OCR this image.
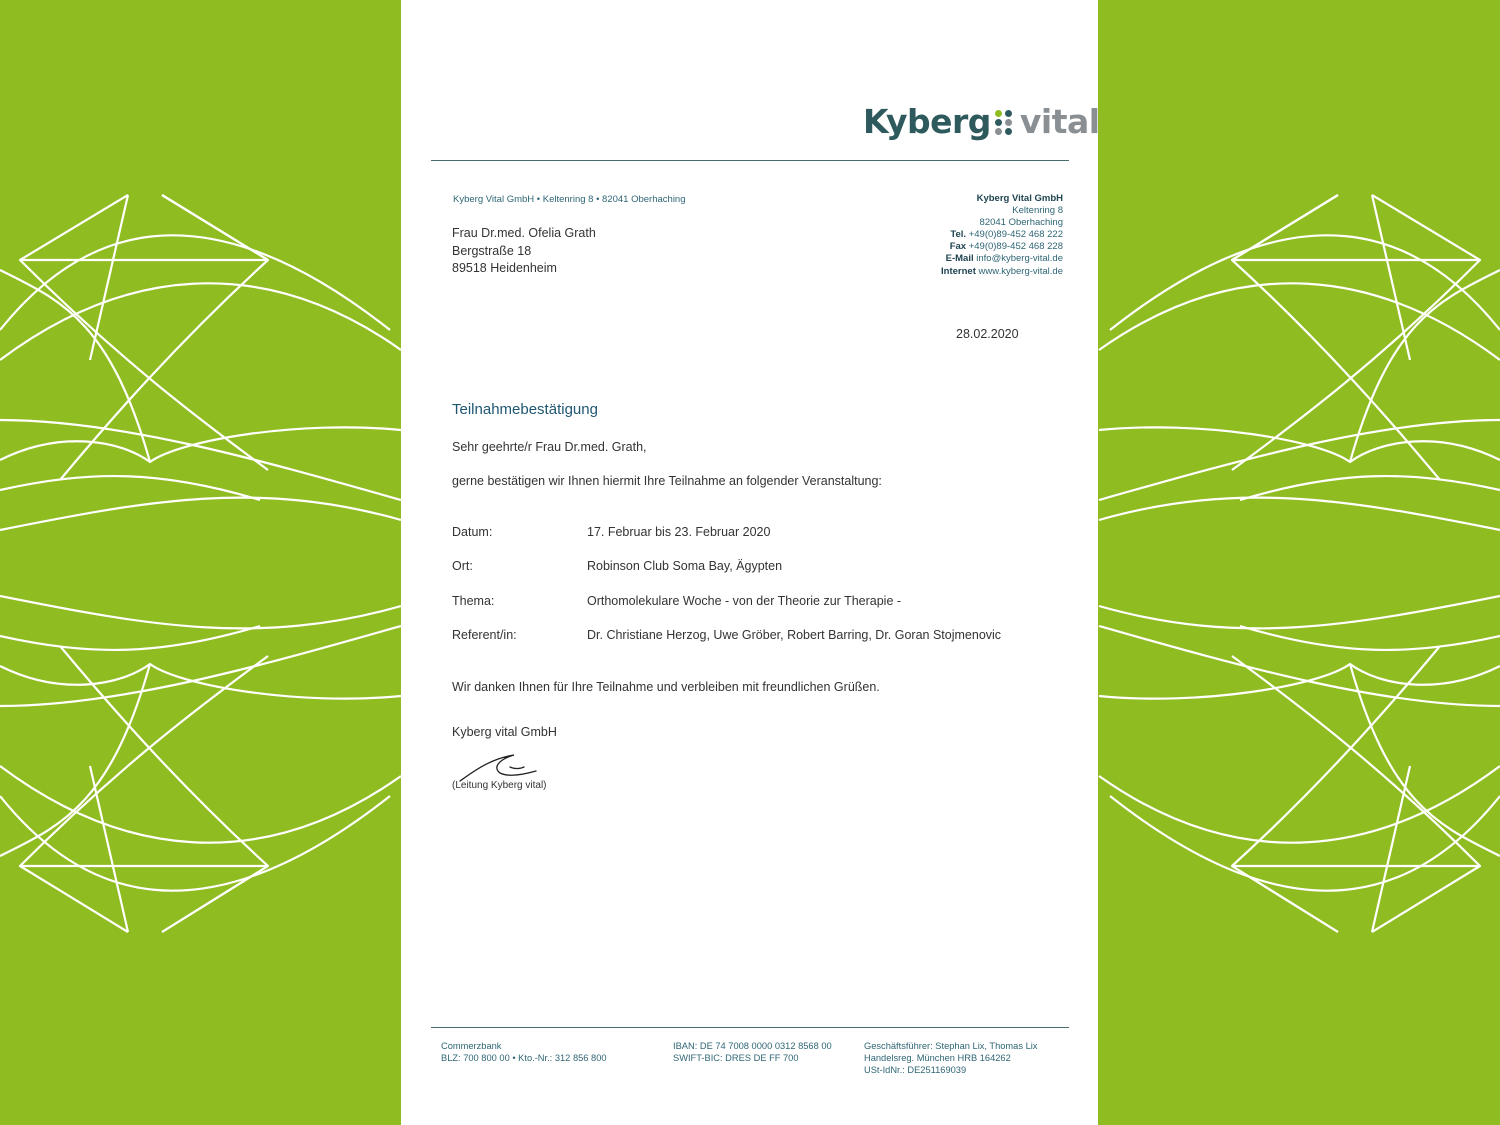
Kyberg vital
Kyberg Vital GmbH • Keltenring 8 • 82041 Oberhaching
Frau Dr.med. Ofelia Grath
Bergstraße 18
89518 Heidenheim
Kyberg Vital GmbH
Keltenring 8
82041 Oberhaching
Tel. +49(0)89-452 468 222
Fax +49(0)89-452 468 228
E-Mail info@kyberg-vital.de
Internet www.kyberg-vital.de
28.02.2020
Teilnahmebestätigung
Sehr geehrte/r Frau Dr.med. Grath,
gerne bestätigen wir Ihnen hiermit Ihre Teilnahme an folgender Veranstaltung:
Datum:	17. Februar bis 23. Februar 2020
Ort:	Robinson Club Soma Bay, Ägypten
Thema:	Orthomolekulare Woche - von der Theorie zur Therapie -
Referent/in:	Dr. Christiane Herzog, Uwe Gröber, Robert Barring, Dr. Goran Stojmenovic
Wir danken Ihnen für Ihre Teilnahme und verbleiben mit freundlichen Grüßen.
Kyberg vital GmbH
(Leitung Kyberg vital)
Commerzbank
BLZ: 700 800 00 • Kto.-Nr.: 312 856 800
IBAN: DE 74 7008 0000 0312 8568 00
SWIFT-BIC: DRES DE FF 700
Geschäftsführer: Stephan Lix, Thomas Lix
Handelsreg. München HRB 164262
USt-IdNr.: DE251169039
